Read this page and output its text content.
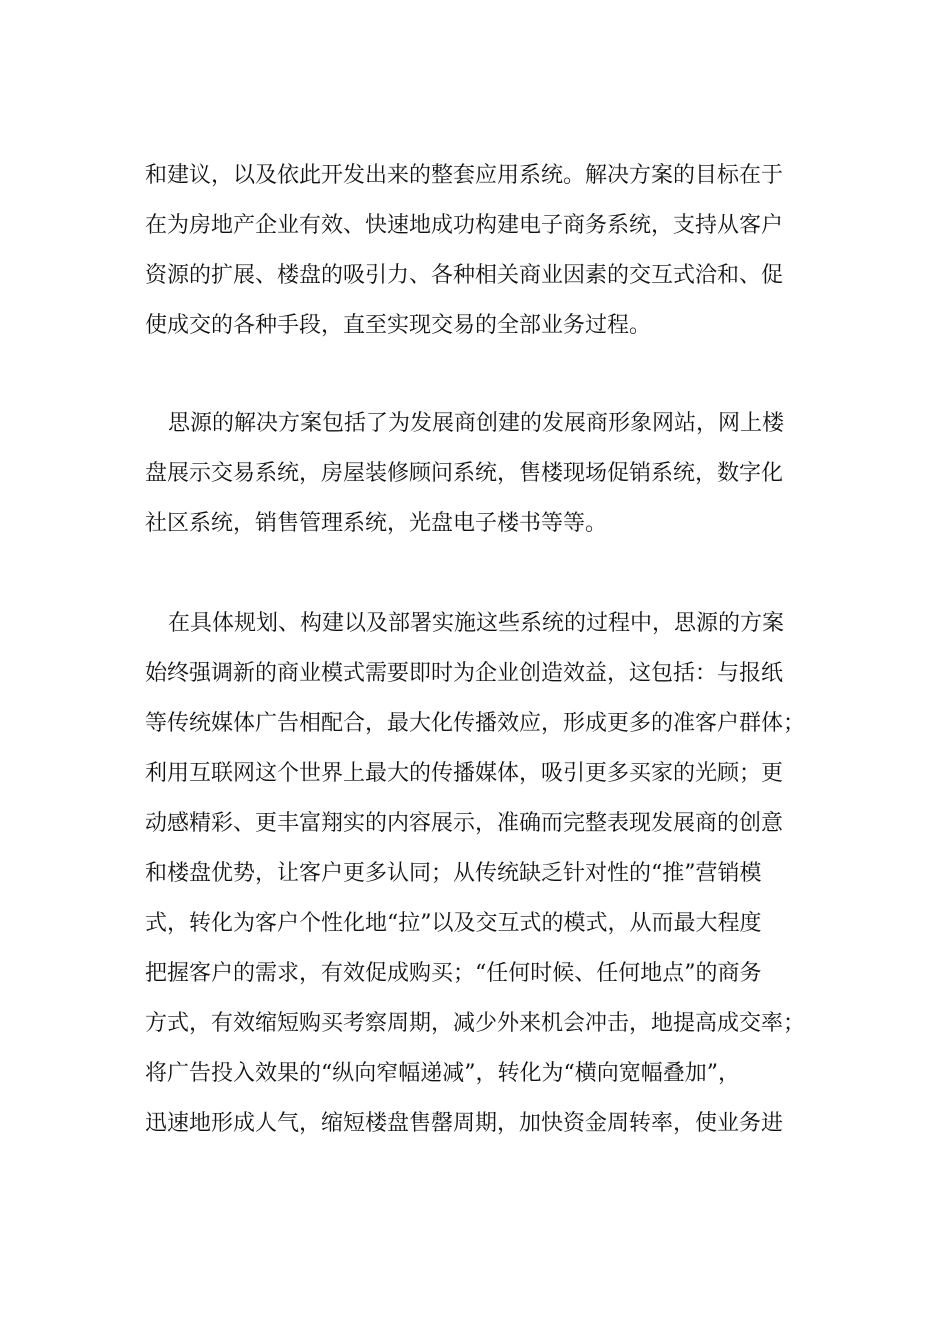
和建议，以及依此开发出来的整套应用系统。解决方案的目标在于
在为房地产企业有效、快速地成功构建电子商务系统，支持从客户
资源的扩展、楼盘的吸引力、各种相关商业因素的交互式洽和、促
使成交的各种手段，直至实现交易的全部业务过程。
思源的解决方案包括了为发展商创建的发展商形象网站，网上楼
盘展示交易系统，房屋装修顾问系统，售楼现场促销系统，数字化
社区系统，销售管理系统，光盘电子楼书等等。
在具体规划、构建以及部署实施这些系统的过程中，思源的方案
始终强调新的商业模式需要即时为企业创造效益，这包括：与报纸
等传统媒体广告相配合，最大化传播效应，形成更多的准客户群体；
利用互联网这个世界上最大的传播媒体，吸引更多买家的光顾；更
动感精彩、更丰富翔实的内容展示，准确而完整表现发展商的创意
和楼盘优势，让客户更多认同；从传统缺乏针对性的“推”营销模
式，转化为客户个性化地“拉”以及交互式的模式，从而最大程度
把握客户的需求，有效促成购买；“任何时候、任何地点”的商务
方式，有效缩短购买考察周期，减少外来机会冲击，地提高成交率；
将广告投入效果的“纵向窄幅递减”，转化为“横向宽幅叠加”，
迅速地形成人气，缩短楼盘售罄周期，加快资金周转率，使业务进
